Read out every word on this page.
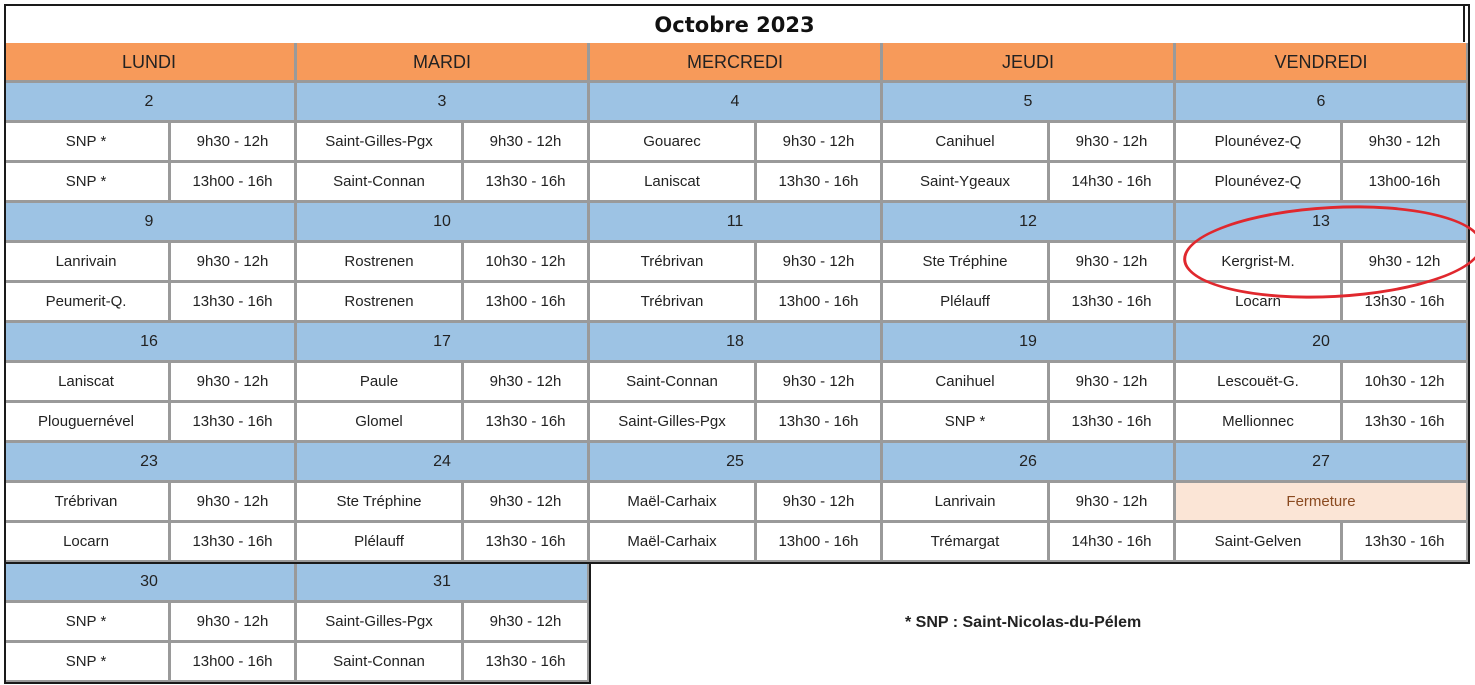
Octobre 2023
LUNDI	MARDI	MERCREDI	JEUDI	VENDREDI
2
SNP *	9h30 - 12h
SNP *	13h00 - 16h
3
Saint-Gilles-Pgx	9h30 - 12h
Saint-Connan	13h30 - 16h
4
Gouarec	9h30 - 12h
Laniscat	13h30 - 16h
5
Canihuel	9h30 - 12h
Saint-Ygeaux	14h30 - 16h
6
Plounévez-Q	9h30 - 12h
Plounévez-Q	13h00-16h
9
Lanrivain	9h30 - 12h
Peumerit-Q.	13h30 - 16h
10
Rostrenen	10h30 - 12h
Rostrenen	13h00 - 16h
11
Trébrivan	9h30 - 12h
Trébrivan	13h00 - 16h
12
Ste Tréphine	9h30 - 12h
Plélauff	13h30 - 16h
13
Kergrist-M.	9h30 - 12h
Locarn	13h30 - 16h
16
Laniscat	9h30 - 12h
Plouguernével	13h30 - 16h
17
Paule	9h30 - 12h
Glomel	13h30 - 16h
18
Saint-Connan	9h30 - 12h
Saint-Gilles-Pgx	13h30 - 16h
19
Canihuel	9h30 - 12h
SNP *	13h30 - 16h
20
Lescouët-G.	10h30 - 12h
Mellionnec	13h30 - 16h
23
Trébrivan	9h30 - 12h
Locarn	13h30 - 16h
24
Ste Tréphine	9h30 - 12h
Plélauff	13h30 - 16h
25
Maël-Carhaix	9h30 - 12h
Maël-Carhaix	13h00 - 16h
26
Lanrivain	9h30 - 12h
Trémargat	14h30 - 16h
27
Fermeture
Saint-Gelven	13h30 - 16h
30
SNP *	9h30 - 12h
SNP *	13h00 - 16h
31
Saint-Gilles-Pgx	9h30 - 12h
Saint-Connan	13h30 - 16h
* SNP : Saint-Nicolas-du-Pélem
